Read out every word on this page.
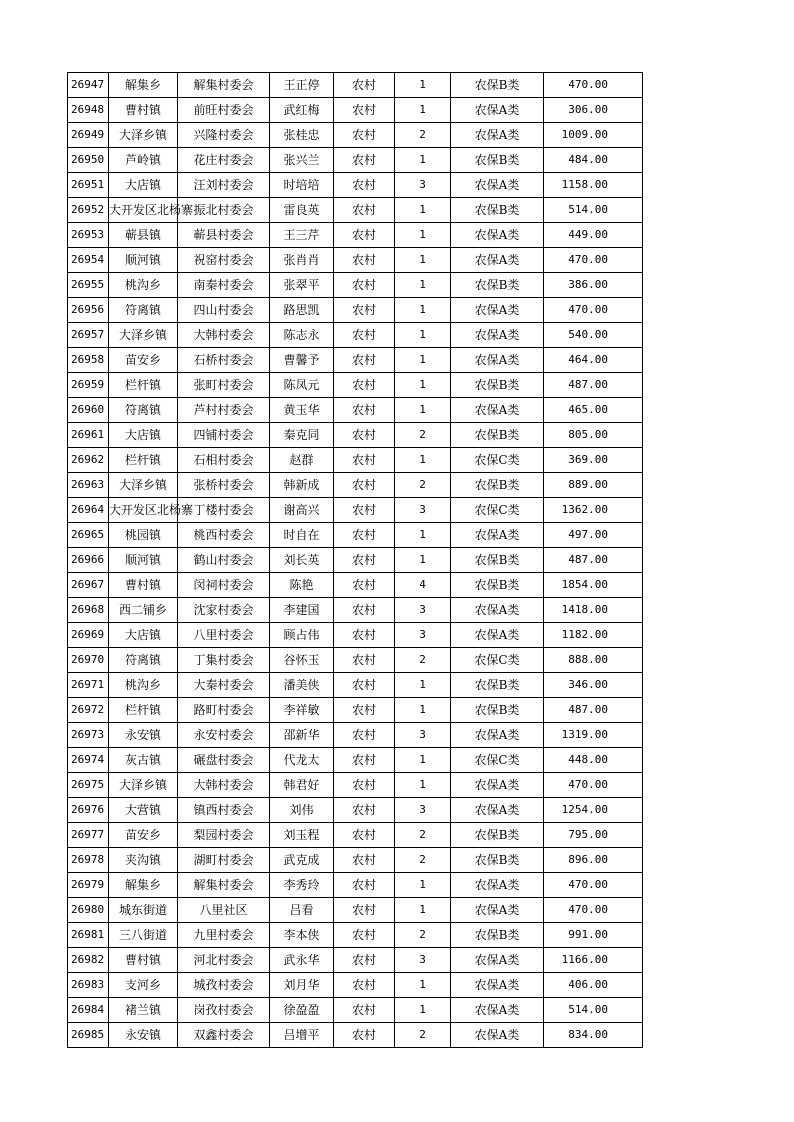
26947	解集乡	解集村委会	王正停	农村	1	农保B类	470.00
26948	曹村镇	前旺村委会	武红梅	农村	1	农保A类	306.00
26949	大泽乡镇	兴隆村委会	张桂忠	农村	2	农保A类	1009.00
26950	芦岭镇	花庄村委会	张兴兰	农村	1	农保B类	484.00
26951	大店镇	汪刘村委会	时培培	农村	3	农保A类	1158.00
26952	大开发区北杨寨	振北村委会	雷良英	农村	1	农保B类	514.00
26953	蕲县镇	蕲县村委会	王三芹	农村	1	农保A类	449.00
26954	顺河镇	祝窑村委会	张肖肖	农村	1	农保A类	470.00
26955	桃沟乡	南秦村委会	张翠平	农村	1	农保B类	386.00
26956	符离镇	四山村委会	路思凯	农村	1	农保A类	470.00
26957	大泽乡镇	大韩村委会	陈志永	农村	1	农保A类	540.00
26958	苗安乡	石桥村委会	曹馨予	农村	1	农保A类	464.00
26959	栏杆镇	张町村委会	陈凤元	农村	1	农保B类	487.00
26960	符离镇	芦村村委会	黄玉华	农村	1	农保A类	465.00
26961	大店镇	四铺村委会	秦克同	农村	2	农保B类	805.00
26962	栏杆镇	石相村委会	赵群	农村	1	农保C类	369.00
26963	大泽乡镇	张桥村委会	韩新成	农村	2	农保B类	889.00
26964	大开发区北杨寨	丁楼村委会	谢高兴	农村	3	农保C类	1362.00
26965	桃园镇	桃西村委会	时自在	农村	1	农保A类	497.00
26966	顺河镇	鹤山村委会	刘长英	农村	1	农保B类	487.00
26967	曹村镇	闵祠村委会	陈艳	农村	4	农保B类	1854.00
26968	西二铺乡	沈家村委会	李建国	农村	3	农保A类	1418.00
26969	大店镇	八里村委会	顾占伟	农村	3	农保A类	1182.00
26970	符离镇	丁集村委会	谷怀玉	农村	2	农保C类	888.00
26971	桃沟乡	大秦村委会	潘美侠	农村	1	农保B类	346.00
26972	栏杆镇	路町村委会	李祥敏	农村	1	农保B类	487.00
26973	永安镇	永安村委会	邵新华	农村	3	农保A类	1319.00
26974	灰古镇	碾盘村委会	代龙太	农村	1	农保C类	448.00
26975	大泽乡镇	大韩村委会	韩君好	农村	1	农保A类	470.00
26976	大营镇	镇西村委会	刘伟	农村	3	农保A类	1254.00
26977	苗安乡	梨园村委会	刘玉程	农村	2	农保B类	795.00
26978	夹沟镇	湖町村委会	武克成	农村	2	农保B类	896.00
26979	解集乡	解集村委会	李秀玲	农村	1	农保A类	470.00
26980	城东街道	八里社区	吕看	农村	1	农保A类	470.00
26981	三八街道	九里村委会	李本侠	农村	2	农保B类	991.00
26982	曹村镇	河北村委会	武永华	农村	3	农保A类	1166.00
26983	支河乡	城孜村委会	刘月华	农村	1	农保A类	406.00
26984	褚兰镇	岗孜村委会	徐盈盈	农村	1	农保A类	514.00
26985	永安镇	双鑫村委会	吕增平	农村	2	农保A类	834.00
